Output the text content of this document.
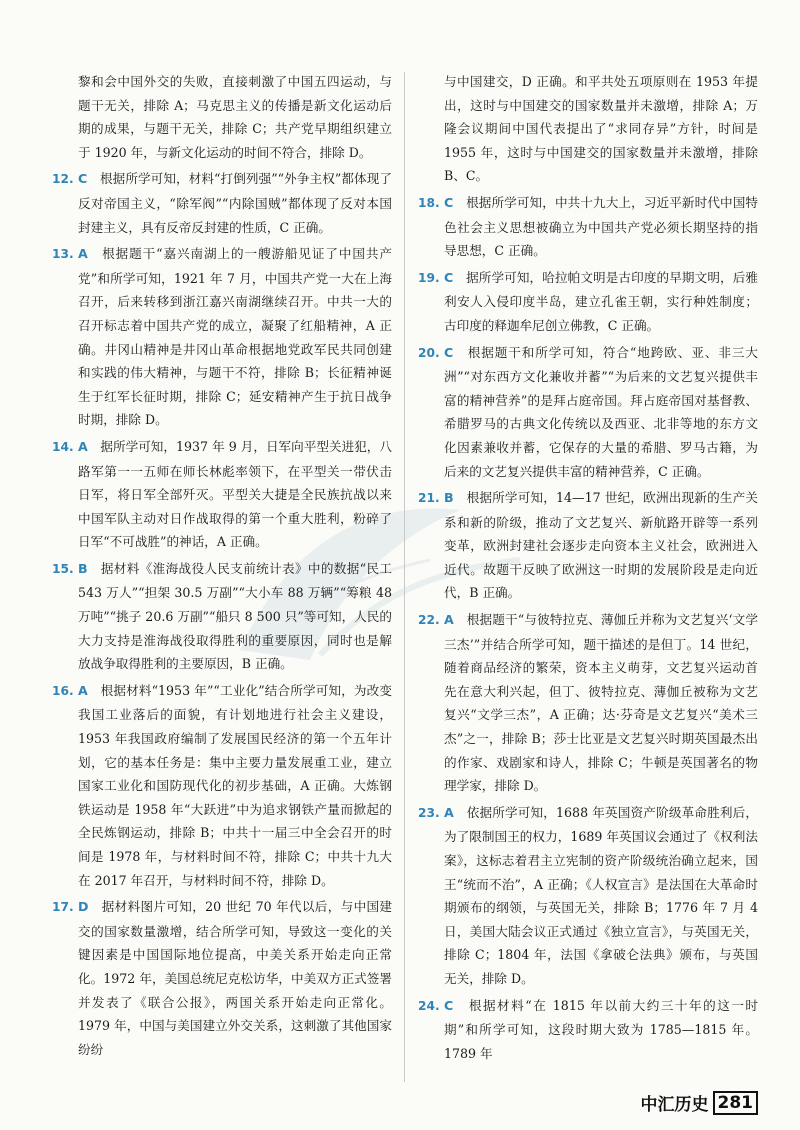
黎和会中国外交的失败，直接刺激了中国五四运动，与题干无关，排除 A；马克思主义的传播是新文化运动后期的成果，与题干无关，排除 C；共产党早期组织建立于 1920 年，与新文化运动的时间不符合，排除 D。
12. C　 根据所学可知，材料“打倒列强”“外争主权”都体现了反对帝国主义，“除军阀”“内除国贼”都体现了反对本国封建主义，具有反帝反封建的性质，C 正确。
13. A　 根据题干“嘉兴南湖上的一艘游船见证了中国共产党”和所学可知，1921 年 7 月，中国共产党一大在上海召开，后来转移到浙江嘉兴南湖继续召开。中共一大的召开标志着中国共产党的成立，凝聚了红船精神，A 正确。井冈山精神是井冈山革命根据地党政军民共同创建和实践的伟大精神，与题干不符，排除 B；长征精神诞生于红军长征时期，排除 C；延安精神产生于抗日战争时期，排除 D。
14. A　 据所学可知，1937 年 9 月，日军向平型关进犯，八路军第一一五师在师长林彪率领下，在平型关一带伏击日军，将日军全部歼灭。平型关大捷是全民族抗战以来中国军队主动对日作战取得的第一个重大胜利，粉碎了日军“不可战胜”的神话，A 正确。
15. B　 据材料《淮海战役人民支前统计表》中的数据“民工 543 万人”“担架 30.5 万副”“大小车 88 万辆”“筹粮 48 万吨”“挑子 20.6 万副”“船只 8 500 只”等可知，人民的大力支持是淮海战役取得胜利的重要原因，同时也是解放战争取得胜利的主要原因，B 正确。
16. A　 根据材料“1953 年”“工业化”结合所学可知，为改变我国工业落后的面貌，有计划地进行社会主义建设，1953 年我国政府编制了发展国民经济的第一个五年计划，它的基本任务是：集中主要力量发展重工业，建立国家工业化和国防现代化的初步基础，A 正确。大炼钢铁运动是 1958 年“大跃进”中为追求钢铁产量而掀起的全民炼钢运动，排除 B；中共十一届三中全会召开的时间是 1978 年，与材料时间不符，排除 C；中共十九大在 2017 年召开，与材料时间不符，排除 D。
17. D　 据材料图片可知，20 世纪 70 年代以后，与中国建交的国家数量激增，结合所学可知，导致这一变化的关键因素是中国国际地位提高，中美关系开始走向正常化。1972 年，美国总统尼克松访华，中美双方正式签署并发表了《联合公报》，两国关系开始走向正常化。1979 年，中国与美国建立外交关系，这刺激了其他国家纷纷
与中国建交，D 正确。和平共处五项原则在 1953 年提出，这时与中国建交的国家数量并未激增，排除 A；万隆会议期间中国代表提出了“求同存异”方针，时间是 1955 年，这时与中国建交的国家数量并未激增，排除 B、C。
18. C　 根据所学可知，中共十九大上，习近平新时代中国特色社会主义思想被确立为中国共产党必须长期坚持的指导思想，C 正确。
19. C　 据所学可知，哈拉帕文明是古印度的早期文明，后雅利安人入侵印度半岛，建立孔雀王朝，实行种姓制度；古印度的释迦牟尼创立佛教，C 正确。
20. C　 根据题干和所学可知，符合“地跨欧、亚、非三大洲”“对东西方文化兼收并蓄”“为后来的文艺复兴提供丰富的精神营养”的是拜占庭帝国。拜占庭帝国对基督教、希腊罗马的古典文化传统以及西亚、北非等地的东方文化因素兼收并蓄，它保存的大量的希腊、罗马古籍，为后来的文艺复兴提供丰富的精神营养，C 正确。
21. B　 根据所学可知，14—17 世纪，欧洲出现新的生产关系和新的阶级，推动了文艺复兴、新航路开辟等一系列变革，欧洲封建社会逐步走向资本主义社会，欧洲进入近代。故题干反映了欧洲这一时期的发展阶段是走向近代，B 正确。
22. A　 根据题干“与彼特拉克、薄伽丘并称为文艺复兴‘文学三杰’”并结合所学可知，题干描述的是但丁。14 世纪，随着商品经济的繁荣，资本主义萌芽，文艺复兴运动首先在意大利兴起，但丁、彼特拉克、薄伽丘被称为文艺复兴“文学三杰”，A 正确；达·芬奇是文艺复兴“美术三杰”之一，排除 B；莎士比亚是文艺复兴时期英国最杰出的作家、戏剧家和诗人，排除 C；牛顿是英国著名的物理学家，排除 D。
23. A　 依据所学可知，1688 年英国资产阶级革命胜利后，为了限制国王的权力，1689 年英国议会通过了《权利法案》，这标志着君主立宪制的资产阶级统治确立起来，国王“统而不治”，A 正确；《人权宣言》是法国在大革命时期颁布的纲领，与英国无关，排除 B；1776 年 7 月 4 日，美国大陆会议正式通过《独立宣言》，与英国无关，排除 C；1804 年，法国《拿破仑法典》颁布，与英国无关，排除 D。
24. C　 根据材料“在 1815 年以前大约三十年的这一时期”和所学可知，这段时期大致为 1785—1815 年。1789 年
中汇历史 281
